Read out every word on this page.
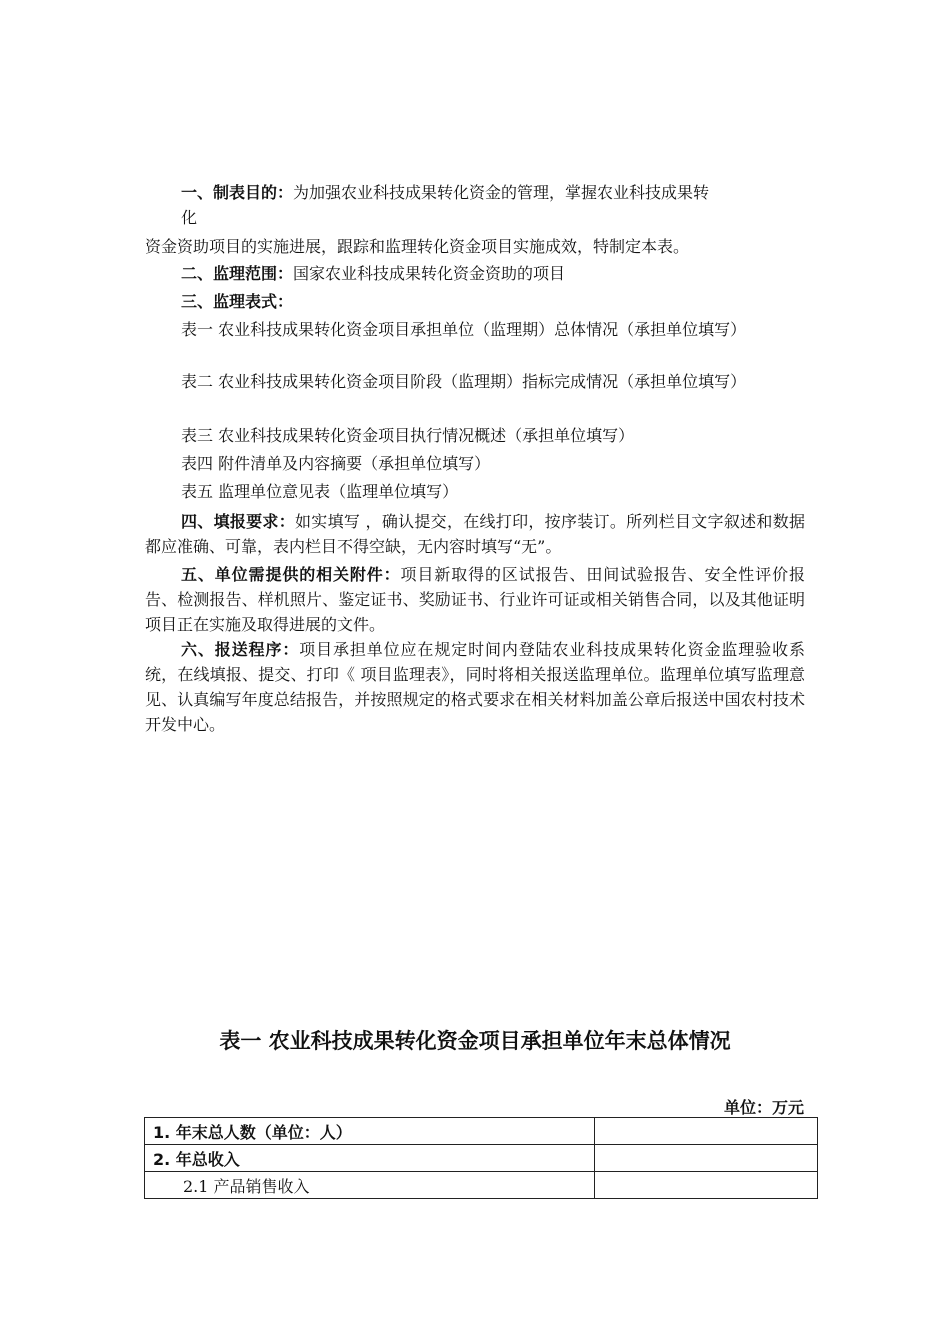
一、制表目的：为加强农业科技成果转化资金的管理，掌握农业科技成果转
化
资金资助项目的实施进展，跟踪和监理转化资金项目实施成效，特制定本表。
二、监理范围：国家农业科技成果转化资金资助的项目
三、监理表式：

表一 农业科技成果转化资金项目承担单位（监理期）总体情况（承担单位填写）

表二 农业科技成果转化资金项目阶段（监理期）指标完成情况（承担单位填写）

表三 农业科技成果转化资金项目执行情况概述（承担单位填写）

表四 附件清单及内容摘要（承担单位填写）

表五 监理单位意见表（监理单位填写）

四、填报要求：如实填写 ，确认提交，在线打印，按序装订。所列栏目文字叙述和数据都应准确、可靠，表内栏目不得空缺，无内容时填写“无”。

五、单位需提供的相关附件：项目新取得的区试报告、田间试验报告、安全性评价报告、检测报告、样机照片、鉴定证书、奖励证书、行业许可证或相关销售合同，以及其他证明项目正在实施及取得进展的文件。

六、报送程序：项目承担单位应在规定时间内登陆农业科技成果转化资金监理验收系统，在线填报、提交、打印《 项目监理表》，同时将相关报送监理单位。监理单位填写监理意见、认真编写年度总结报告，并按照规定的格式要求在相关材料加盖公章后报送中国农村技术开发中心。

表一 农业科技成果转化资金项目承担单位年末总体情况
单位：万元
1. 年末总人数（单位：人）	
2. 年总收入	
2.1 产品销售收入	
